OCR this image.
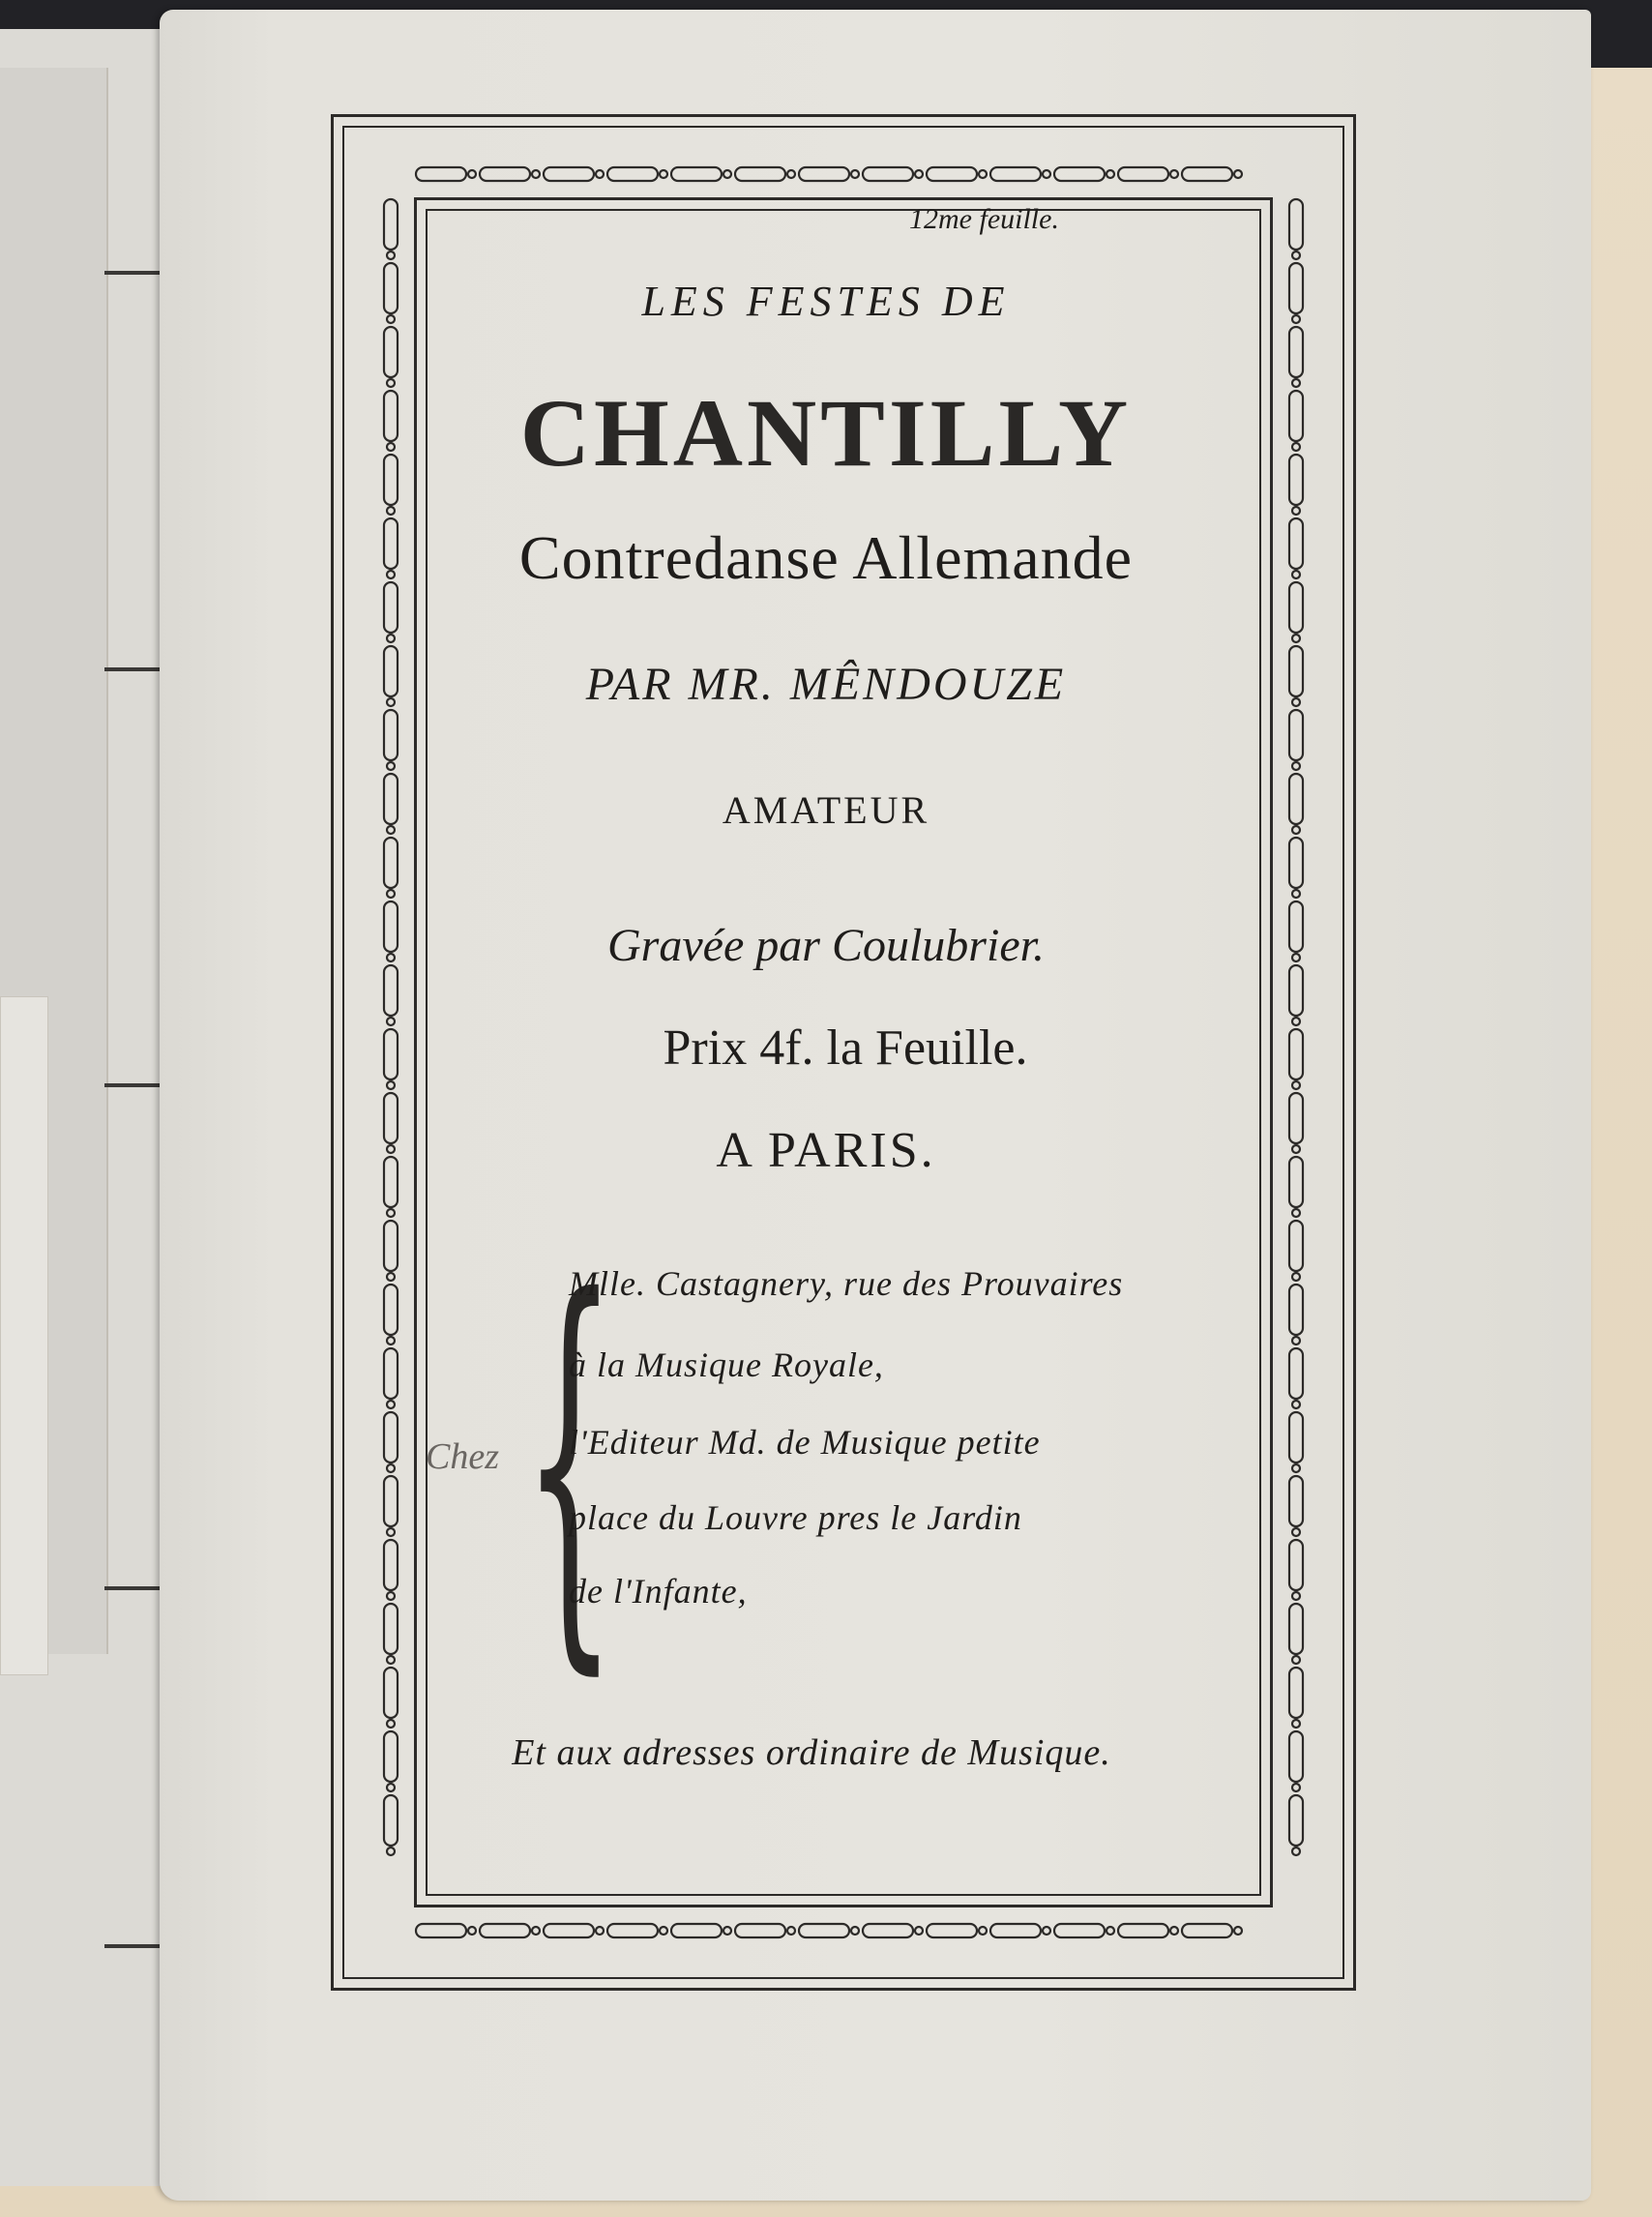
12me feuille.
LES FESTES DE
CHANTILLY
Contredanse Allemande
PAR MR. MÊNDOUZE
AMATEUR
Gravée par Coulubrier.
Prix 4f. la Feuille.
A PARIS.
Chez {
Mlle. Castagnery, rue des Prouvaires
à la Musique Royale,
l'Editeur Md. de Musique petite
place du Louvre pres le Jardin
de l'Infante,
Et aux adresses ordinaire de Musique.
